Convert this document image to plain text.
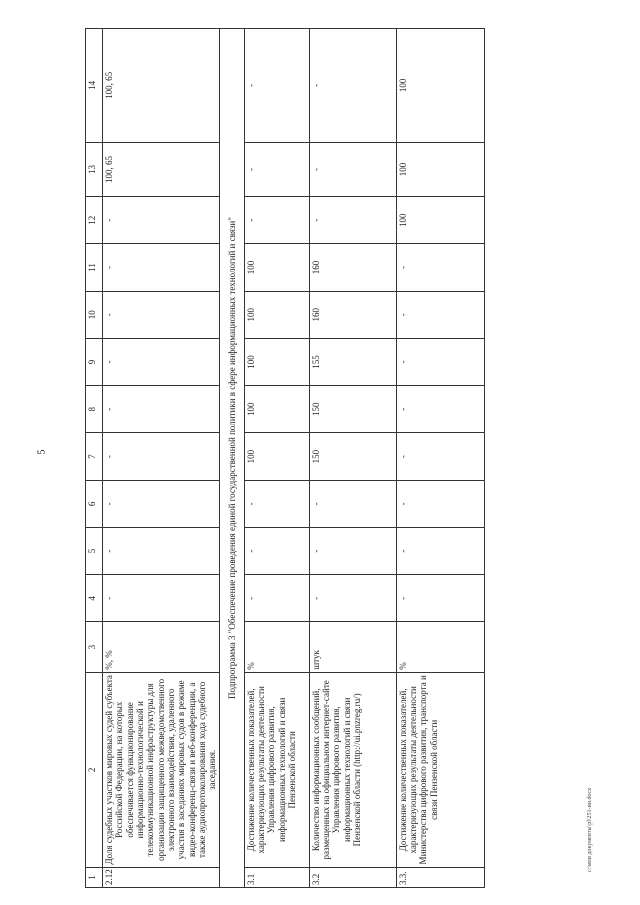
5
c:\мои документы\pl\251-ии.docx
1	2	3	4	5	6	7	8	9	10	11	12	13	14
2.12	Доля судебных участков мировых судей субъекта Российской Федерации, на которых обеспечивается функционирование информационно-технологической и телекоммуникационной инфраструктуры для организации защищенного межведомственного электронного взаимодействия, удаленного участия в заседаниях мировых судов в режиме видео-конференц-связи и веб-конференции, а также аудиопротоколирования хода судебного заседания.	%, %	-	-	-	-	-	-	-	-	-	100, 65	100, 65
Подпрограмма 3 "Обеспечение проведения единой государственной политики в сфере информационных технологий и связи"													
3.1	Достижение количественных показателей, характеризующих результаты деятельности Управления цифрового развития, информационных технологий и связи Пензенской области	%	-	-	-	100	100	100	100	100	-	-	-
3.2	Количество информационных сообщений, размещенных на официальном интернет-сайте Управления цифрового развития, информационных технологий и связи Пензенской области (http://ui.pnzreg.ru/)	штук	-	-	-	150	150	155	160	160	-	-	-
3.3.	Достижение количественных показателей, характеризующих результаты деятельности Министерства цифрового развития, транспорта и связи Пензенской области	%	-	-	-	-	-	-	-	-	100	100	100
